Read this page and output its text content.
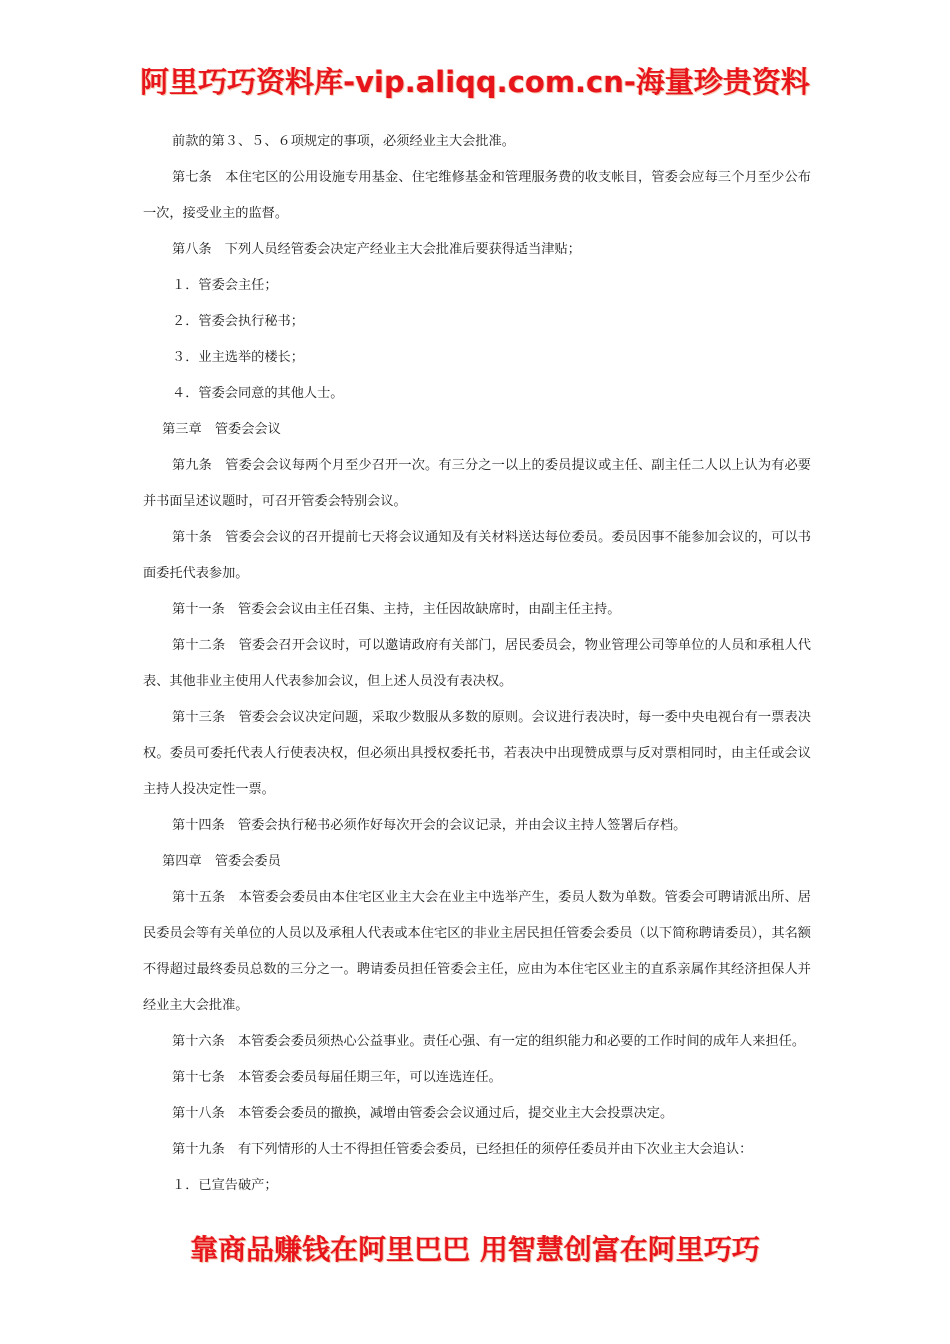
阿里巧巧资料库-vip.aliqq.com.cn-海量珍贵资料

前款的第３、５、６项规定的事项，必须经业主大会批准。

第七条　本住宅区的公用设施专用基金、住宅维修基金和管理服务费的收支帐目，管委会应每三个月至少公布一次，接受业主的监督。

第八条　下列人员经管委会决定产经业主大会批准后要获得适当津贴；

１．管委会主任；

２．管委会执行秘书；

３．业主选举的楼长；

４．管委会同意的其他人士。

第三章　管委会会议

第九条　管委会会议每两个月至少召开一次。有三分之一以上的委员提议或主任、副主任二人以上认为有必要并书面呈述议题时，可召开管委会特别会议。

第十条　管委会会议的召开提前七天将会议通知及有关材料送达每位委员。委员因事不能参加会议的，可以书面委托代表参加。

第十一条　管委会会议由主任召集、主持，主任因故缺席时，由副主任主持。

第十二条　管委会召开会议时，可以邀请政府有关部门，居民委员会，物业管理公司等单位的人员和承租人代表、其他非业主使用人代表参加会议，但上述人员没有表决权。

第十三条　管委会会议决定问题，采取少数服从多数的原则。会议进行表决时，每一委中央电视台有一票表决权。委员可委托代表人行使表决权，但必须出具授权委托书，若表决中出现赞成票与反对票相同时，由主任或会议主持人投决定性一票。

第十四条　管委会执行秘书必须作好每次开会的会议记录，并由会议主持人签署后存档。

第四章　管委会委员

第十五条　本管委会委员由本住宅区业主大会在业主中选举产生，委员人数为单数。管委会可聘请派出所、居民委员会等有关单位的人员以及承租人代表或本住宅区的非业主居民担任管委会委员（以下简称聘请委员），其名额不得超过最终委员总数的三分之一。聘请委员担任管委会主任，应由为本住宅区业主的直系亲属作其经济担保人并经业主大会批准。

第十六条　本管委会委员须热心公益事业。责任心强、有一定的组织能力和必要的工作时间的成年人来担任。

第十七条　本管委会委员每届任期三年，可以连选连任。

第十八条　本管委会委员的撤换，减增由管委会会议通过后，提交业主大会投票决定。

第十九条　有下列情形的人士不得担任管委会委员，已经担任的须停任委员并由下次业主大会追认：

１．已宣告破产；

靠商品赚钱在阿里巴巴 用智慧创富在阿里巧巧
